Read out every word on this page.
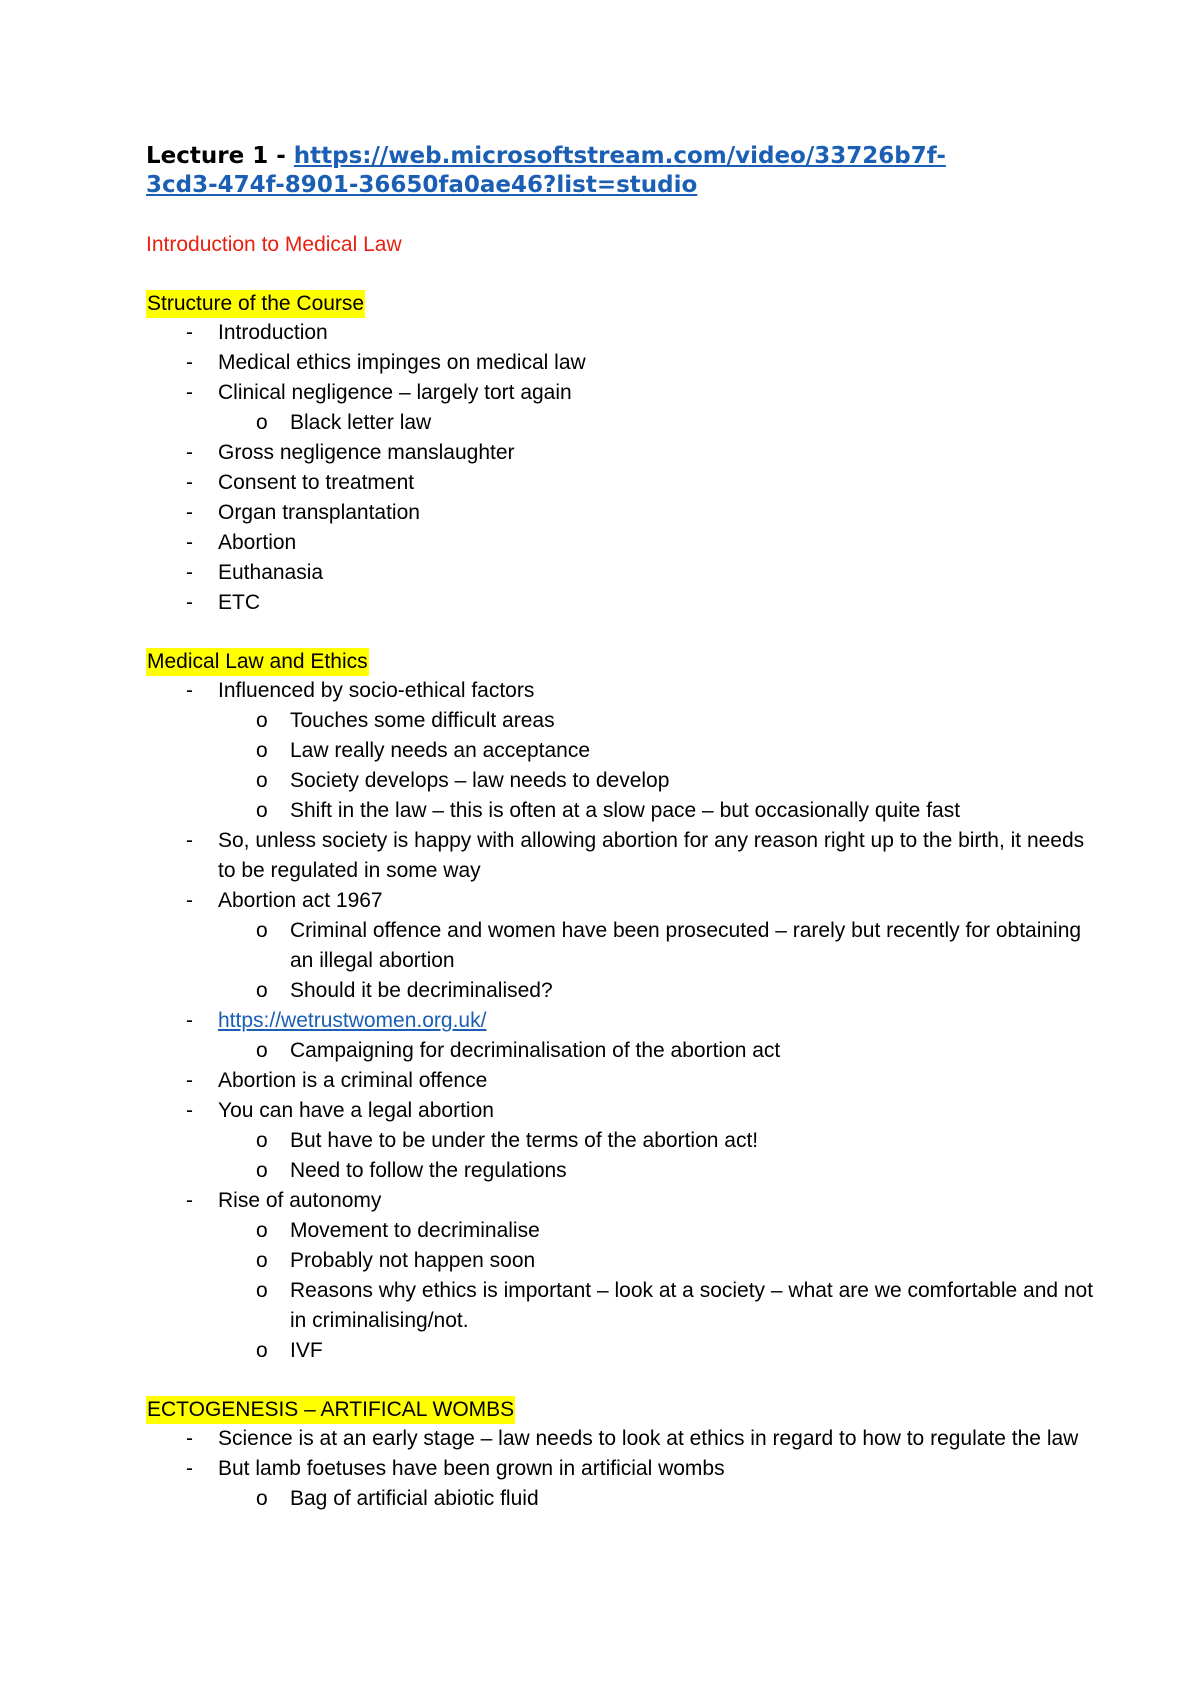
Lecture 1 - https://web.microsoftstream.com/video/33726b7f-
3cd3-474f-8901-36650fa0ae46?list=studio
Introduction to Medical Law
Structure of the Course
- Introduction
- Medical ethics impinges on medical law
- Clinical negligence – largely tort again
o Black letter law
- Gross negligence manslaughter
- Consent to treatment
- Organ transplantation
- Abortion
- Euthanasia
- ETC
Medical Law and Ethics
- Influenced by socio-ethical factors
o Touches some difficult areas
o Law really needs an acceptance
o Society develops – law needs to develop
o Shift in the law – this is often at a slow pace – but occasionally quite fast
- So, unless society is happy with allowing abortion for any reason right up to the birth, it needs to be regulated in some way
- Abortion act 1967
o Criminal offence and women have been prosecuted – rarely but recently for obtaining an illegal abortion
o Should it be decriminalised?
- https://wetrustwomen.org.uk/
o Campaigning for decriminalisation of the abortion act
- Abortion is a criminal offence
- You can have a legal abortion
o But have to be under the terms of the abortion act!
o Need to follow the regulations
- Rise of autonomy
o Movement to decriminalise
o Probably not happen soon
o Reasons why ethics is important – look at a society – what are we comfortable and not in criminalising/not.
o IVF
ECTOGENESIS – ARTIFICAL WOMBS
- Science is at an early stage – law needs to look at ethics in regard to how to regulate the law
- But lamb foetuses have been grown in artificial wombs
o Bag of artificial abiotic fluid
